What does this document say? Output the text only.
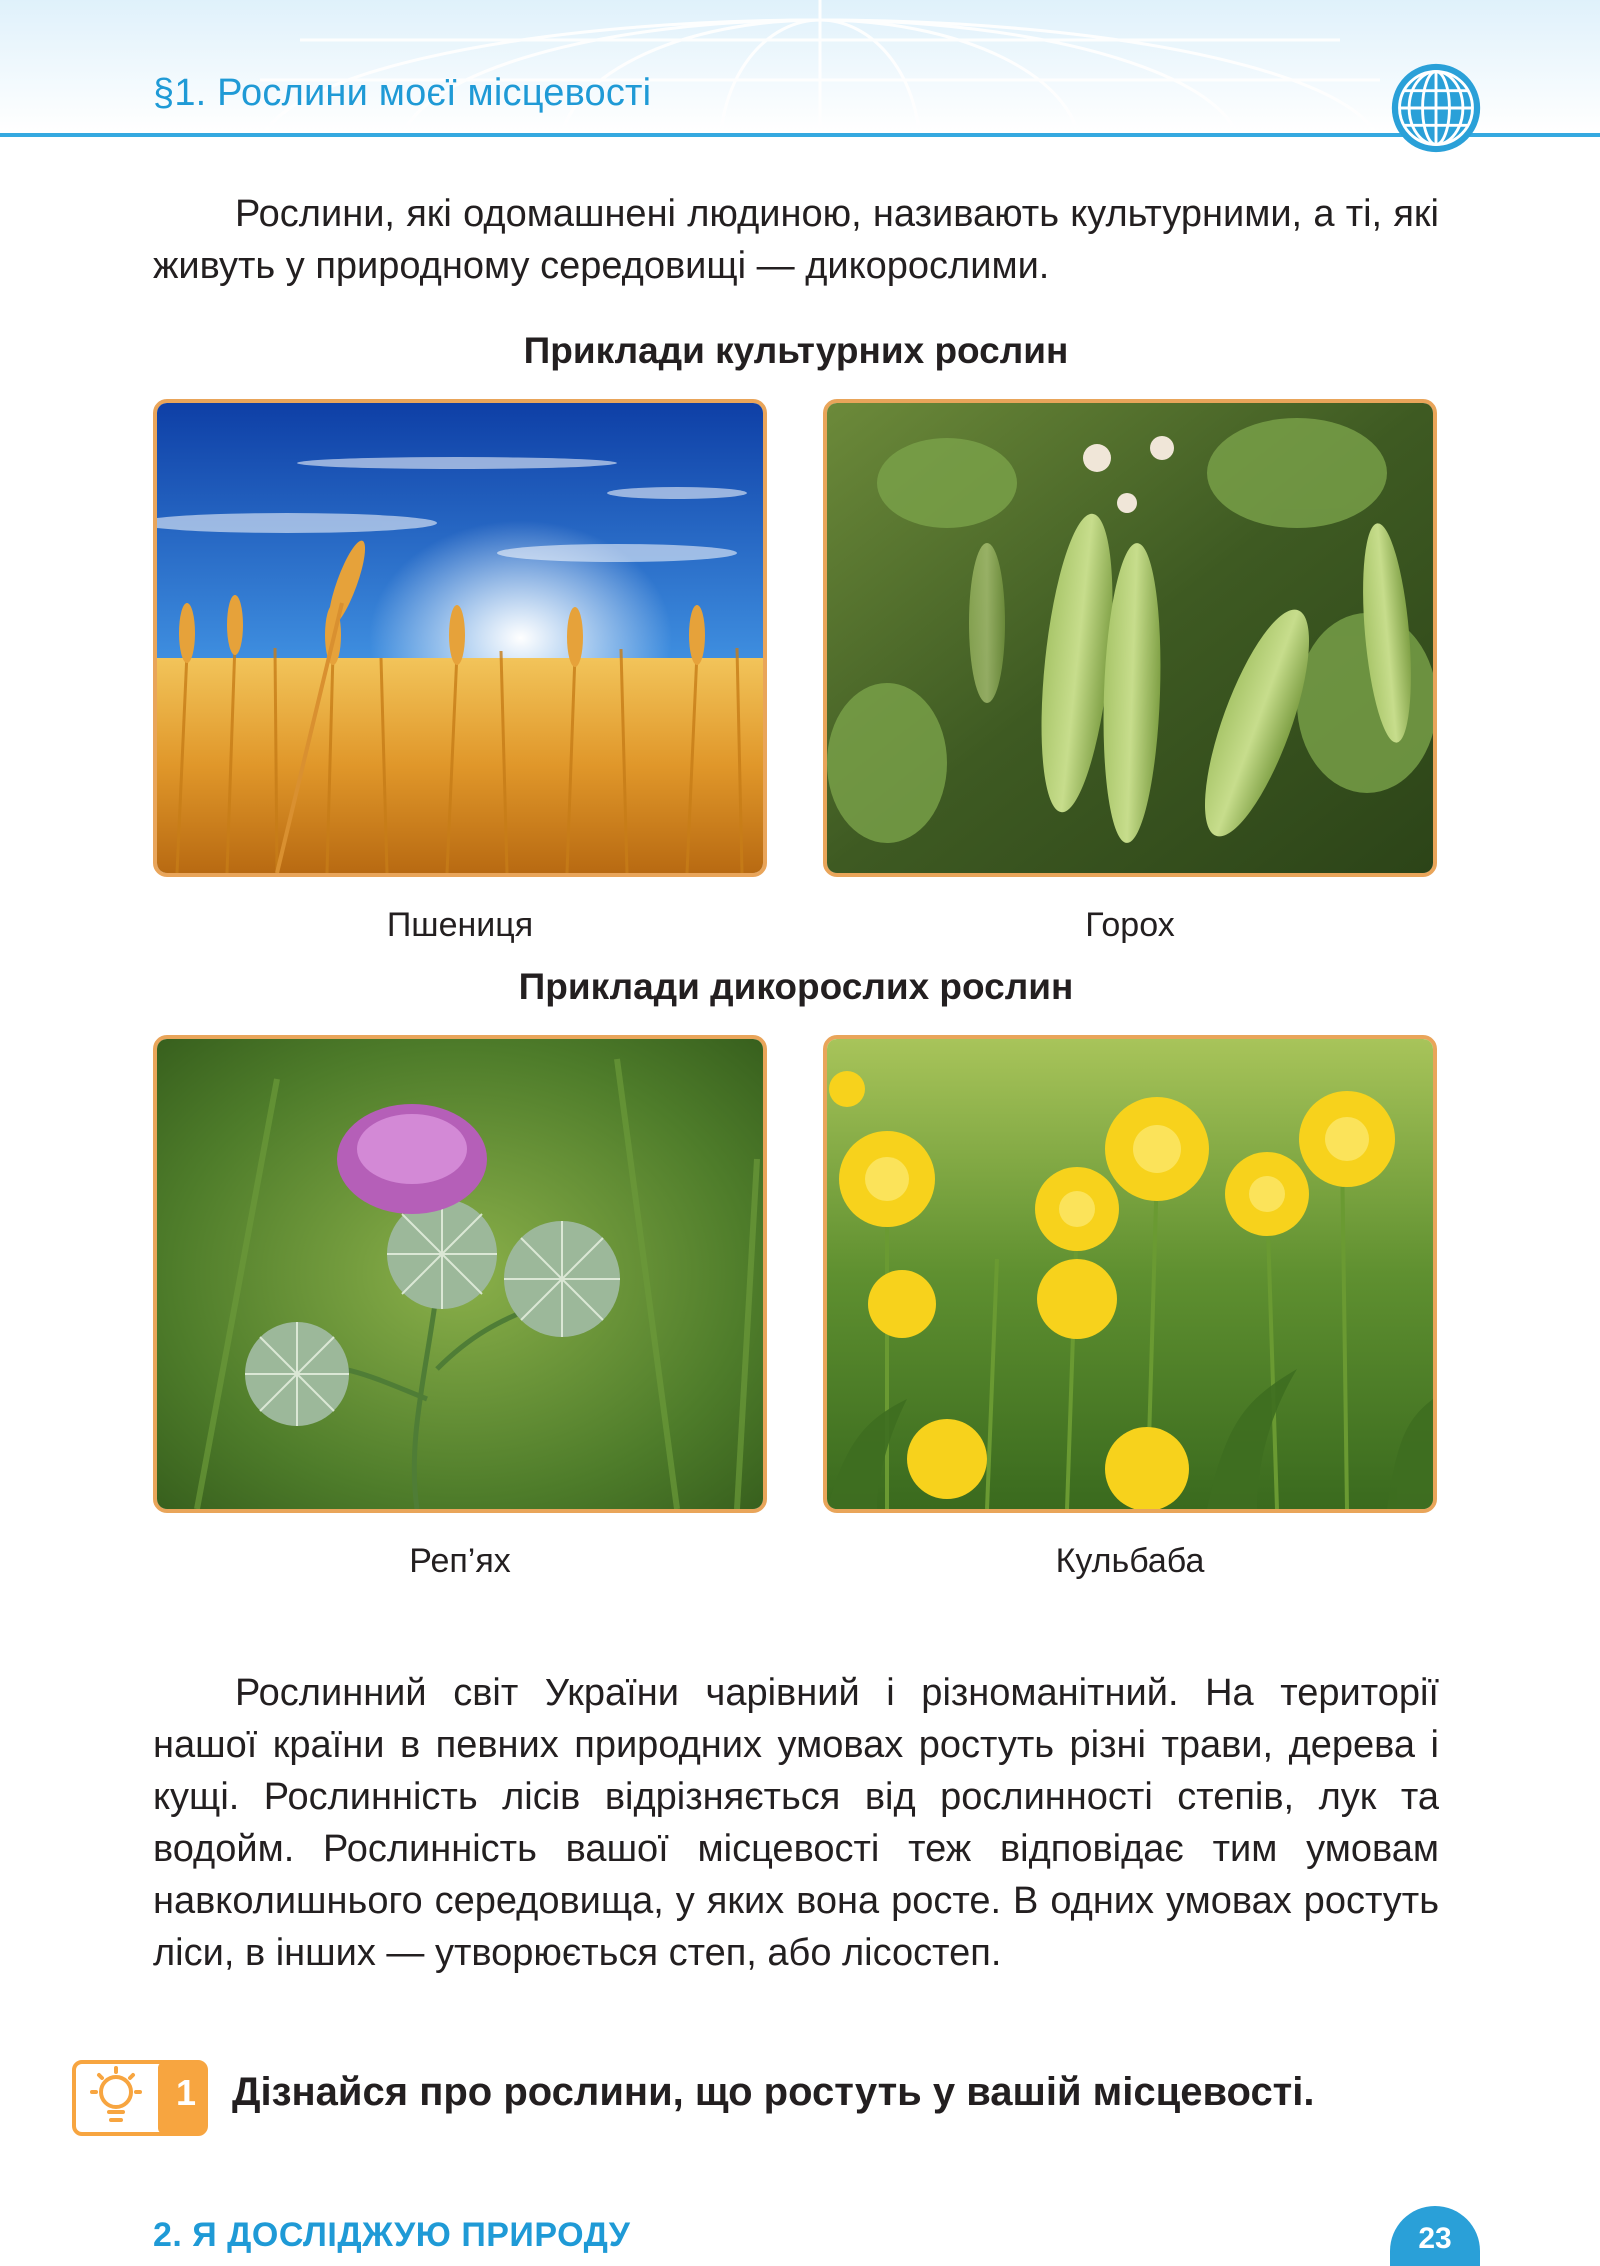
§1. Рослини моєї місцевості

Рослини, які одомашнені людиною, називають культурними, а ті, які живуть у природному середовищі — дикорослими.

Приклади культурних рослин
Пшениця	Горох
Приклади дикорослих рослин
Реп’ях	Кульбаба

Рослинний світ України чарівний і різноманітний. На території нашої країни в певних природних умовах ростуть різні трави, дерева і кущі. Рослинність лісів відрізняється від рослинності степів, лук та водойм. Рослинність вашої місцевості теж відповідає тим умовам навколишнього середовища, у яких вона росте. В одних умовах ростуть ліси, в інших — утворюється степ, або лісостеп.

1 Дізнайся про рослини, що ростуть у вашій місцевості.
2. Я ДОСЛІДЖУЮ ПРИРОДУ	23
